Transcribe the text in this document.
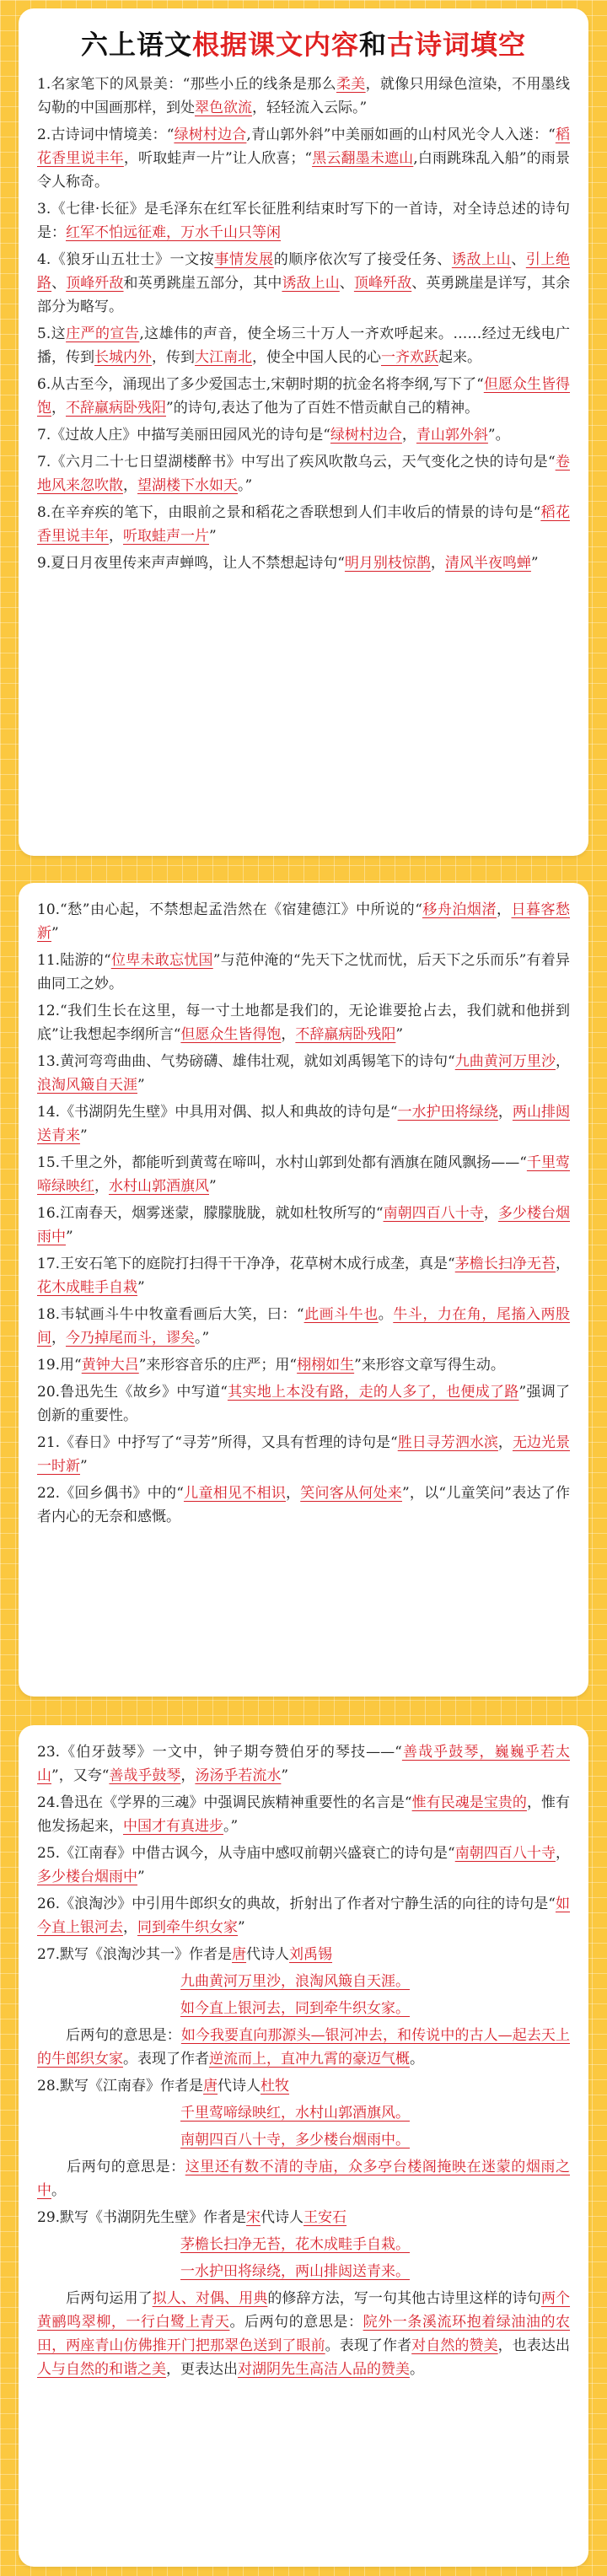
六上语文根据课文内容和古诗词填空

1.名家笔下的风景美：“那些小丘的线条是那么柔美，就像只用绿色渲染，不用墨线勾勒的中国画那样，到处翠色欲流，轻轻流入云际。”

2.古诗词中情境美：“绿树村边合,青山郭外斜”中美丽如画的山村风光令人入迷：“稻花香里说丰年，听取蛙声一片”让人欣喜；“黑云翻墨未遮山,白雨跳珠乱入船”的雨景令人称奇。

3.《七律·长征》是毛泽东在红军长征胜利结束时写下的一首诗，对全诗总述的诗句是：红军不怕远征难，万水千山只等闲

4.《狼牙山五壮士》一文按事情发展的顺序依次写了接受任务、诱敌上山、引上绝路、顶峰歼敌和英勇跳崖五部分，其中诱敌上山、顶峰歼敌、英勇跳崖是详写，其余部分为略写。

5.这庄严的宣告,这雄伟的声音，使全场三十万人一齐欢呼起来。……经过无线电广播，传到长城内外，传到大江南北，使全中国人民的心一齐欢跃起来。

6.从古至今，涌现出了多少爱国志士,宋朝时期的抗金名将李纲,写下了“但愿众生皆得饱，不辞羸病卧残阳”的诗句,表达了他为了百姓不惜贡献自己的精神。

7.《过故人庄》中描写美丽田园风光的诗句是“绿树村边合，青山郭外斜”。

7.《六月二十七日望湖楼醉书》中写出了疾风吹散乌云，天气变化之快的诗句是“卷地风来忽吹散，望湖楼下水如天。”

8.在辛弃疾的笔下，由眼前之景和稻花之香联想到人们丰收后的情景的诗句是“稻花香里说丰年，听取蛙声一片”

9.夏日月夜里传来声声蝉鸣，让人不禁想起诗句“明月别枝惊鹊，清风半夜鸣蝉”

10.“愁”由心起，不禁想起孟浩然在《宿建德江》中所说的“移舟泊烟渚，日暮客愁新”

11.陆游的“位卑未敢忘忧国”与范仲淹的“先天下之忧而忧，后天下之乐而乐”有着异曲同工之妙。

12.“我们生长在这里，每一寸土地都是我们的，无论谁要抢占去，我们就和他拼到底”让我想起李纲所言“但愿众生皆得饱，不辞羸病卧残阳”

13.黄河弯弯曲曲、气势磅礴、雄伟壮观，就如刘禹锡笔下的诗句“九曲黄河万里沙，浪淘风簸自天涯”

14.《书湖阴先生壁》中具用对偶、拟人和典故的诗句是“一水护田将绿绕，两山排闼送青来”

15.千里之外，都能听到黄莺在啼叫，水村山郭到处都有酒旗在随风飘扬——“千里莺啼绿映红，水村山郭酒旗风”

16.江南春天，烟雾迷蒙，朦朦胧胧，就如杜牧所写的“南朝四百八十寺，多少楼台烟雨中”

17.王安石笔下的庭院打扫得干干净净，花草树木成行成垄，真是“茅檐长扫净无苔，花木成畦手自栽”

18.韦轼画斗牛中牧童看画后大笑，曰：“此画斗牛也。牛斗，力在角，尾搐入两股间，今乃掉尾而斗，谬矣。”

19.用“黄钟大吕”来形容音乐的庄严；用“栩栩如生”来形容文章写得生动。

20.鲁迅先生《故乡》中写道“其实地上本没有路，走的人多了，也便成了路”强调了创新的重要性。

21.《春日》中抒写了“寻芳”所得，又具有哲理的诗句是“胜日寻芳泗水滨，无边光景一时新”

22.《回乡偶书》中的“儿童相见不相识，笑问客从何处来”，以“儿童笑问”表达了作者内心的无奈和感慨。

23.《伯牙鼓琴》一文中，钟子期夸赞伯牙的琴技——“善哉乎鼓琴，巍巍乎若太山”，又夸“善哉乎鼓琴，汤汤乎若流水”

24.鲁迅在《学界的三魂》中强调民族精神重要性的名言是“惟有民魂是宝贵的，惟有他发扬起来，中国才有真进步。”

25.《江南春》中借古讽今，从寺庙中感叹前朝兴盛衰亡的诗句是“南朝四百八十寺，多少楼台烟雨中”

26.《浪淘沙》中引用牛郎织女的典故，折射出了作者对宁静生活的向往的诗句是“如今直上银河去，同到牵牛织女家”

27.默写《浪淘沙其一》作者是唐代诗人刘禹锡

九曲黄河万里沙，浪淘风簸自天涯。

如今直上银河去，同到牵牛织女家。

　　后两句的意思是：如今我要直向那源头—银河冲去，和传说中的古人—起去天上的牛郎织女家。表现了作者逆流而上，直冲九霄的豪迈气概。

28.默写《江南春》作者是唐代诗人杜牧

千里莺啼绿映红，水村山郭酒旗风。

南朝四百八十寺，多少楼台烟雨中。

　　后两句的意思是：这里还有数不清的寺庙，众多亭台楼阁掩映在迷蒙的烟雨之中。

29.默写《书湖阴先生壁》作者是宋代诗人王安石

茅檐长扫净无苔，花木成畦手自栽。

一水护田将绿绕，两山排闼送青来。

　　后两句运用了拟人、对偶、用典的修辞方法，写一句其他古诗里这样的诗句两个黄鹂鸣翠柳，一行白鹭上青天。后两句的意思是：院外一条溪流环抱着绿油油的农田，两座青山仿佛推开门把那翠色送到了眼前。表现了作者对自然的赞美，也表达出人与自然的和谐之美，更表达出对湖阴先生高洁人品的赞美。
